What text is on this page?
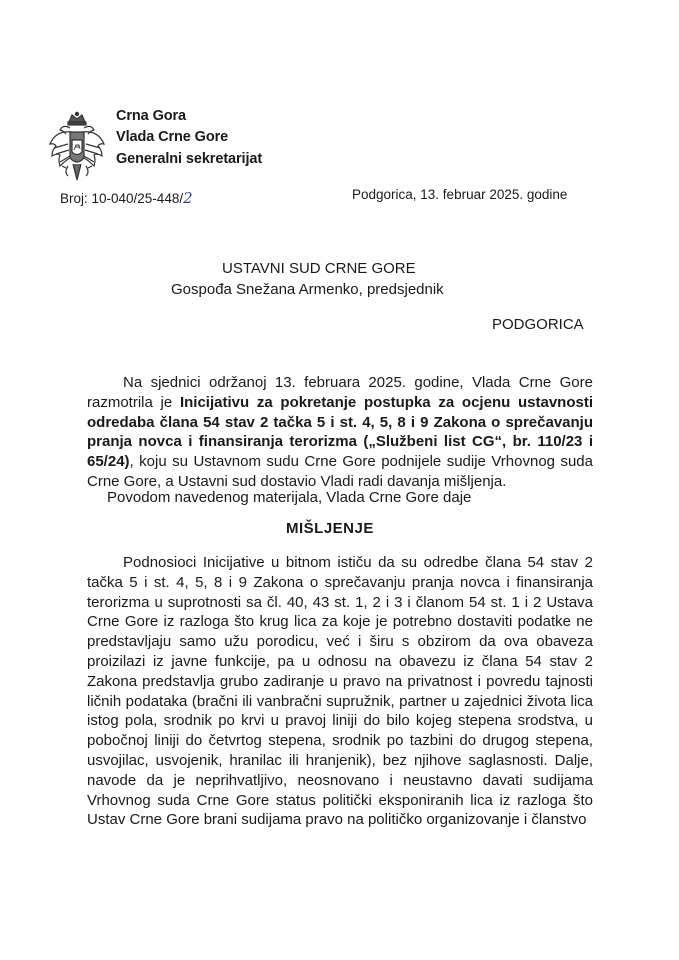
Crna Gora
Vlada Crne Gore
Generalni sekretarijat
Broj: 10-040/25-448/2	Podgorica, 13. februar 2025. godine
USTAVNI SUD CRNE GORE
Gospođa Snežana Armenko, predsjednik
PODGORICA
Na sjednici održanoj 13. februara 2025. godine, Vlada Crne Gore razmotrila je Inicijativu za pokretanje postupka za ocjenu ustavnosti odredaba člana 54 stav 2 tačka 5 i st. 4, 5, 8 i 9 Zakona o sprečavanju pranja novca i finansiranja terorizma („Službeni list CG“, br. 110/23 i 65/24), koju su Ustavnom sudu Crne Gore podnijele sudije Vrhovnog suda Crne Gore, a Ustavni sud dostavio Vladi radi davanja mišljenja.
Povodom navedenog materijala, Vlada Crne Gore daje
MIŠLJENJE
Podnosioci Inicijative u bitnom ističu da su odredbe člana 54 stav 2 tačka 5 i st. 4, 5, 8 i 9 Zakona o sprečavanju pranja novca i finansiranja terorizma u suprotnosti sa čl. 40, 43 st. 1, 2 i 3 i članom 54 st. 1 i 2 Ustava Crne Gore iz razloga što krug lica za koje je potrebno dostaviti podatke ne predstavljaju samo užu porodicu, već i širu s obzirom da ova obaveza proizilazi iz javne funkcije, pa u odnosu na obavezu iz člana 54 stav 2 Zakona predstavlja grubo zadiranje u pravo na privatnost i povredu tajnosti ličnih podataka (bračni ili vanbračni supružnik, partner u zajednici života lica istog pola, srodnik po krvi u pravoj liniji do bilo kojeg stepena srodstva, u pobočnoj liniji do četvrtog stepena, srodnik po tazbini do drugog stepena, usvojilac, usvojenik, hranilac ili hranjenik), bez njihove saglasnosti. Dalje, navode da je neprihvatljivo, neosnovano i neustavno davati sudijama Vrhovnog suda Crne Gore status politički eksponiranih lica iz razloga što Ustav Crne Gore brani sudijama pravo na političko organizovanje i članstvo
